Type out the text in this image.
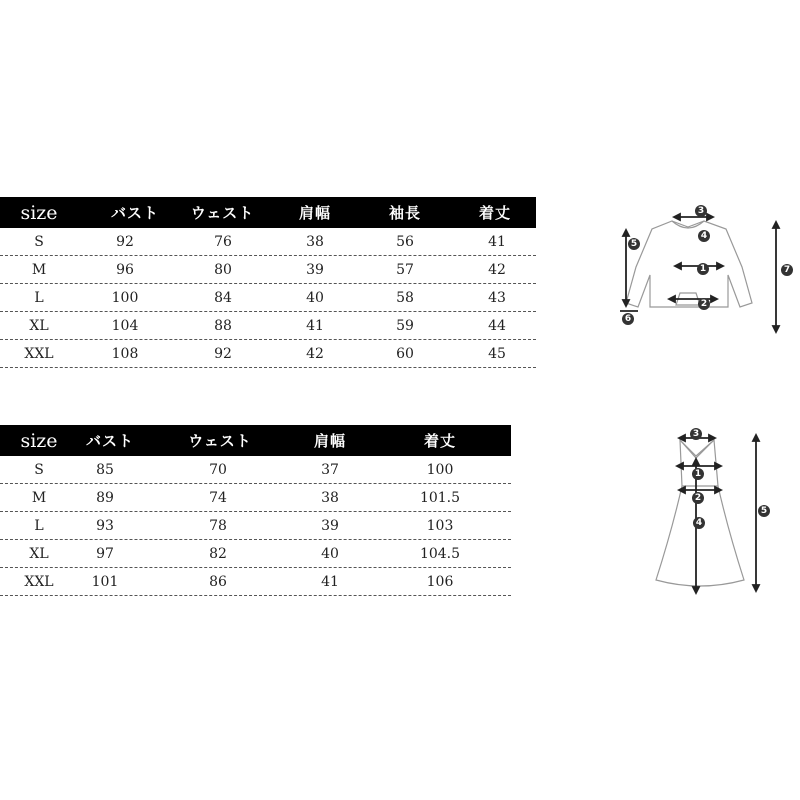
size	バスト	ウェスト	肩幅	袖長	着丈
S	92	76	38	56	41
M	96	80	39	57	42
L	100	84	40	58	43
XL	104	88	41	59	44
XXL	108	92	42	60	45
size	バスト	ウェスト	肩幅	着丈
S	85	70	37	100
M	89	74	38	101.5
L	93	78	39	103
XL	97	82	40	104.5
XXL	101	86	41	106
3
4
1
2
5
6
7
3
1
2
4
5
